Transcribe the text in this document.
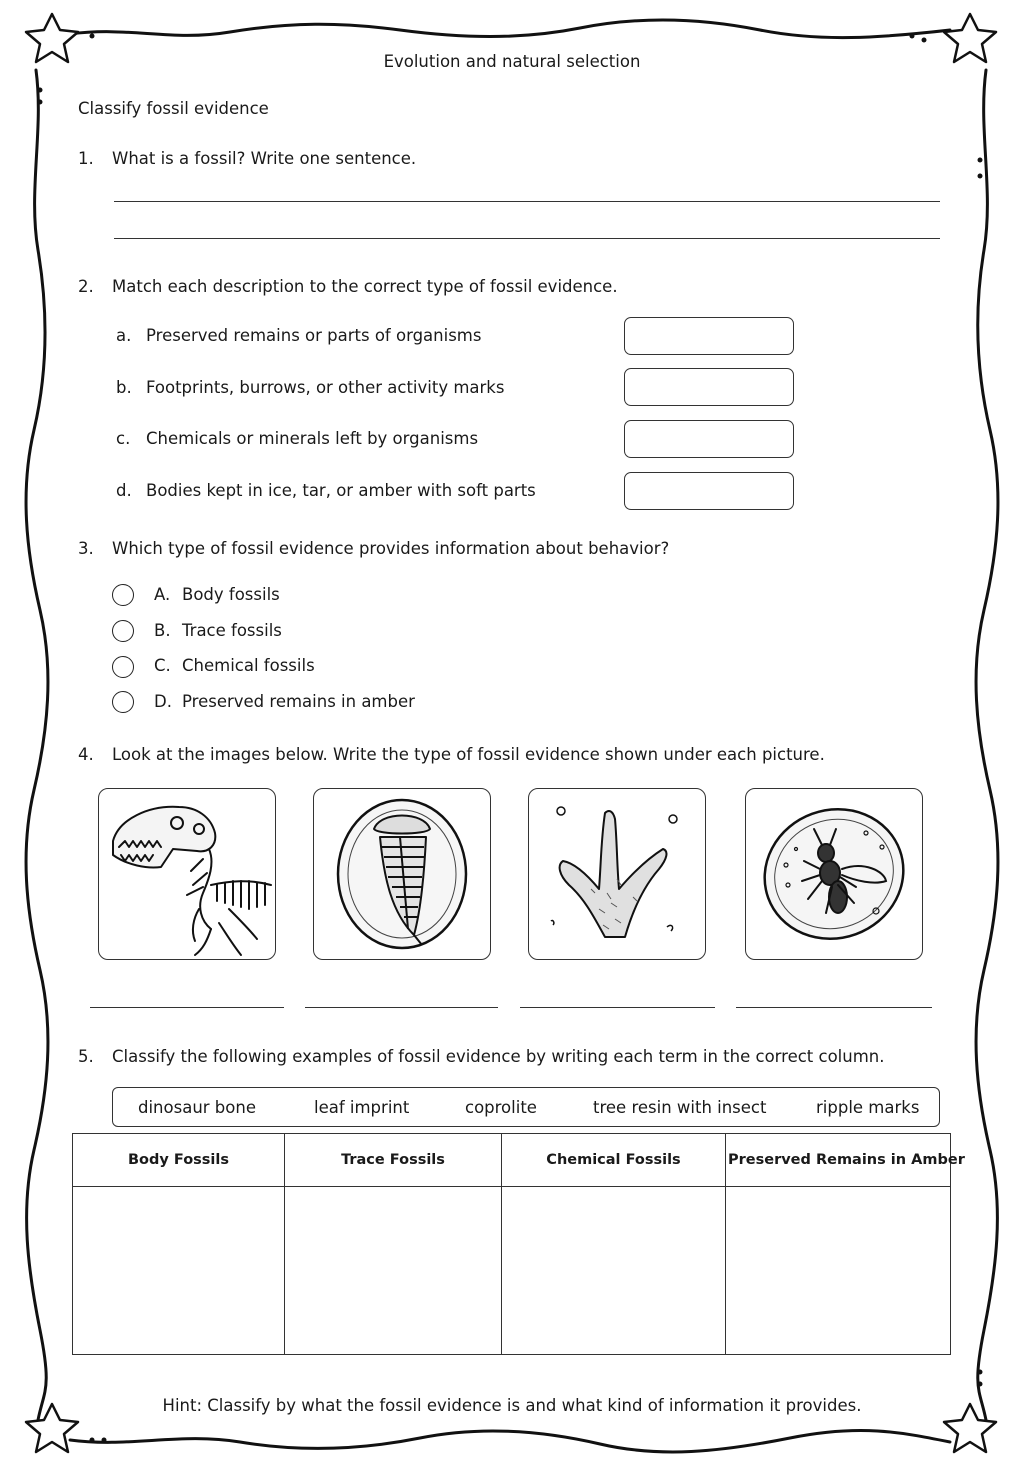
Evolution and natural selection
Classify fossil evidence
1. What is a fossil? Write one sentence.
2. Match each description to the correct type of fossil evidence.
a. Preserved remains or parts of organisms
b. Footprints, burrows, or other activity marks
c. Chemicals or minerals left by organisms
d. Bodies kept in ice, tar, or amber with soft parts
3. Which type of fossil evidence provides information about behavior?
A. Body fossils
B. Trace fossils
C. Chemical fossils
D. Preserved remains in amber
4. Look at the images below. Write the type of fossil evidence shown under each picture.
5. Classify the following examples of fossil evidence by writing each term in the correct column.
dinosaur bone	leaf imprint	coprolite	tree resin with insect	ripple marks
Body Fossils	Trace Fossils	Chemical Fossils	Preserved Remains in Amber

Hint: Classify by what the fossil evidence is and what kind of information it provides.
